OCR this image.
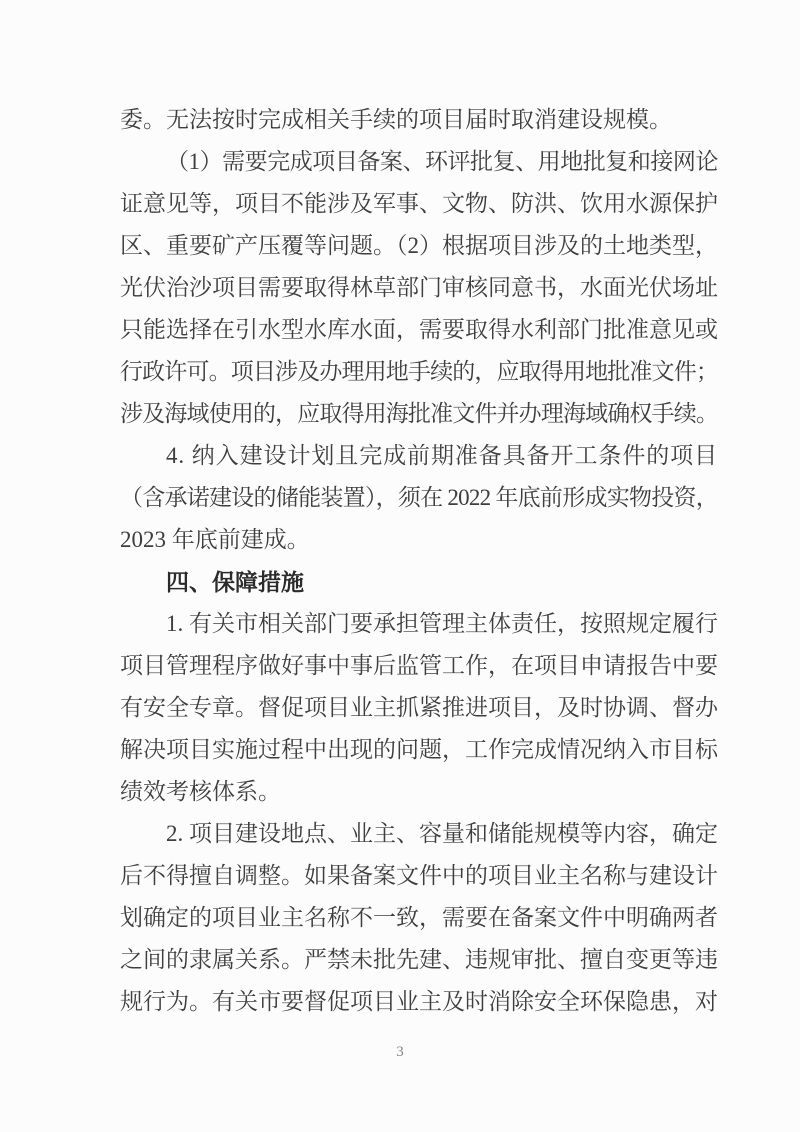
委。无法按时完成相关手续的项目届时取消建设规模。
（1）需要完成项目备案、环评批复、用地批复和接网论
证意见等，项目不能涉及军事、文物、防洪、饮用水源保护
区、重要矿产压覆等问题。（2）根据项目涉及的土地类型，
光伏治沙项目需要取得林草部门审核同意书，水面光伏场址
只能选择在引水型水库水面，需要取得水利部门批准意见或
行政许可。项目涉及办理用地手续的，应取得用地批准文件；
涉及海域使用的，应取得用海批准文件并办理海域确权手续。
4. 纳入建设计划且完成前期准备具备开工条件的项目
（含承诺建设的储能装置），须在 2022 年底前形成实物投资，
2023 年底前建成。
四、保障措施
1. 有关市相关部门要承担管理主体责任，按照规定履行
项目管理程序做好事中事后监管工作，在项目申请报告中要
有安全专章。督促项目业主抓紧推进项目，及时协调、督办
解决项目实施过程中出现的问题，工作完成情况纳入市目标
绩效考核体系。
2. 项目建设地点、业主、容量和储能规模等内容，确定
后不得擅自调整。如果备案文件中的项目业主名称与建设计
划确定的项目业主名称不一致，需要在备案文件中明确两者
之间的隶属关系。严禁未批先建、违规审批、擅自变更等违
规行为。有关市要督促项目业主及时消除安全环保隐患，对
3
